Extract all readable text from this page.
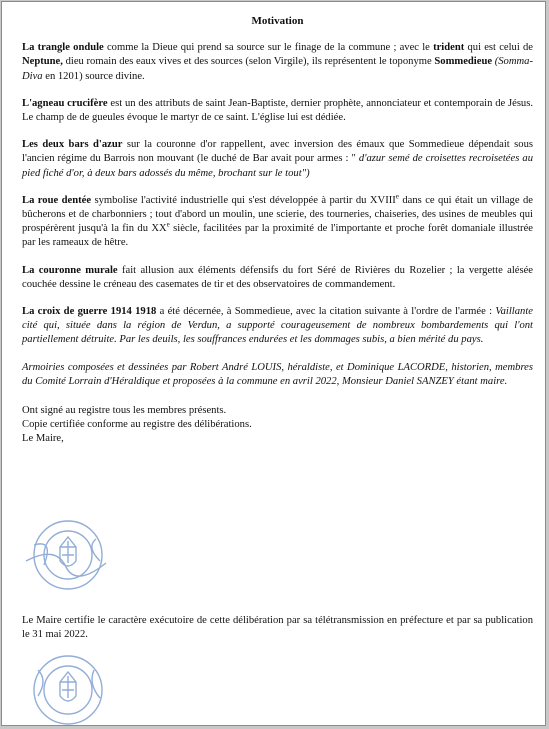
Motivation

La trangle ondule comme la Dieue qui prend sa source sur le finage de la commune ; avec le trident qui est celui de Neptune, dieu romain des eaux vives et des sources (selon Virgile), ils représentent le toponyme Sommedieue (Somma-Diva en 1201) source divine.

L'agneau crucifère est un des attributs de saint Jean-Baptiste, dernier prophète, annonciateur et contemporain de Jésus. Le champ de de gueules évoque le martyr de ce saint. L'église lui est dédiée.

Les deux bars d'azur sur la couronne d'or rappellent, avec inversion des émaux que Sommedieue dépendait sous l'ancien régime du Barrois non mouvant (le duché de Bar avait pour armes : " d'azur semé de croisettes recroisetées au pied fiché d'or, à deux bars adossés du même, brochant sur le tout")

La roue dentée symbolise l'activité industrielle qui s'est développée à partir du XVIIIe dans ce qui était un village de bûcherons et de charbonniers ; tout d'abord un moulin, une scierie, des tourneries, chaiseries, des usines de meubles qui prospérèrent jusqu'à la fin du XXe siècle, facilitées par la proximité de l'importante et proche forêt domaniale illustrée par les rameaux de hêtre.

La couronne murale fait allusion aux éléments défensifs du fort Séré de Rivières du Rozelier ; la vergette alésée couchée dessine le créneau des casemates de tir et des observatoires de commandement.

La croix de guerre 1914 1918 a été décernée, à Sommedieue, avec la citation suivante à l'ordre de l'armée : Vaillante cité qui, située dans la région de Verdun, a supporté courageusement de nombreux bombardements qui l'ont partiellement détruite. Par les deuils, les souffrances endurées et les dommages subis, a bien mérité du pays.

Armoiries composées et dessinées par Robert André LOUIS, héraldiste, et Dominique LACORDE, historien, membres du Comité Lorrain d'Héraldique et proposées à la commune en avril 2022, Monsieur Daniel SANZEY étant maire.

Ont signé au registre tous les membres présents.

Copie certifiée conforme au registre des délibérations.

Le Maire,

Le Maire certifie le caractère exécutoire de cette délibération par sa télétransmission en préfecture et par sa publication le 31 mai 2022.
